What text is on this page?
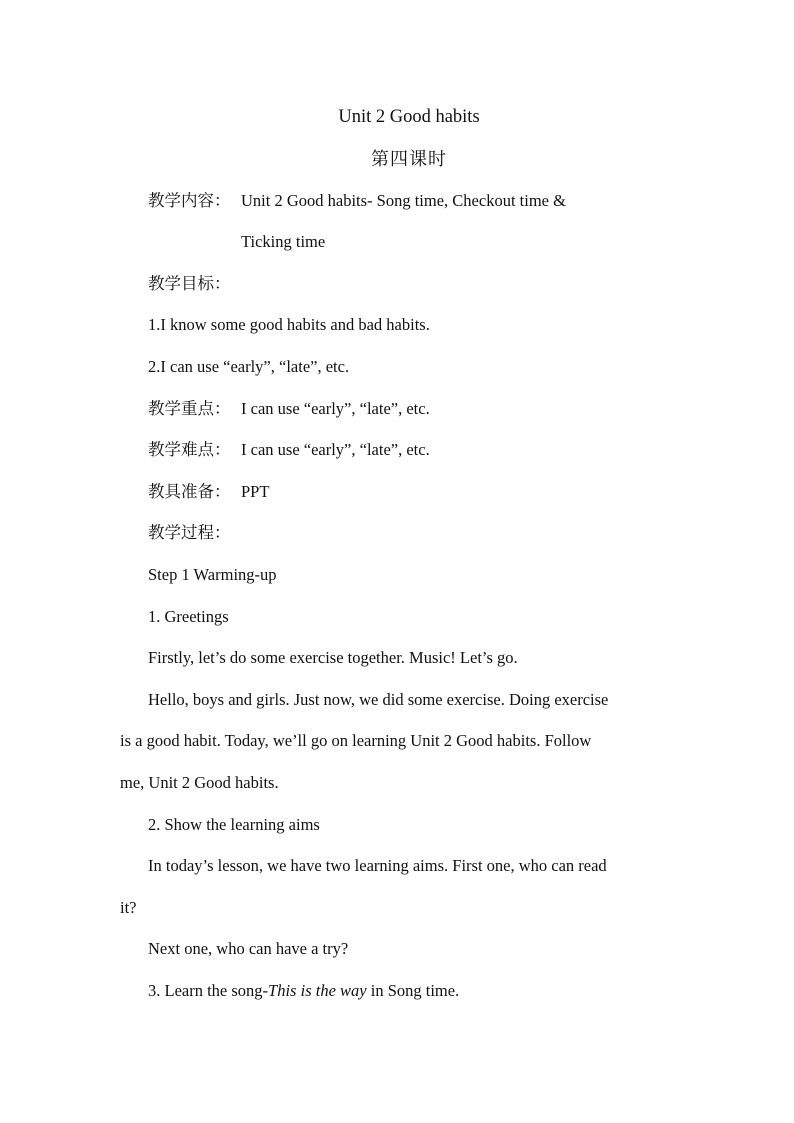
Unit 2 Good habits
第四课时
教学内容： Unit 2 Good habits- Song time, Checkout time &
Ticking time
教学目标：
1.I know some good habits and bad habits.
2.I can use “early”, “late”, etc.
教学重点： I can use “early”, “late”, etc.
教学难点： I can use “early”, “late”, etc.
教具准备： PPT
教学过程：
Step 1 Warming-up
1. Greetings
Firstly, let’s do some exercise together. Music! Let’s go.
Hello, boys and girls. Just now, we did some exercise. Doing exercise
is a good habit. Today, we’ll go on learning Unit 2 Good habits. Follow
me, Unit 2 Good habits.
2. Show the learning aims
In today’s lesson, we have two learning aims. First one, who can read
it?
Next one, who can have a try?
3. Learn the song-This is the way in Song time.
